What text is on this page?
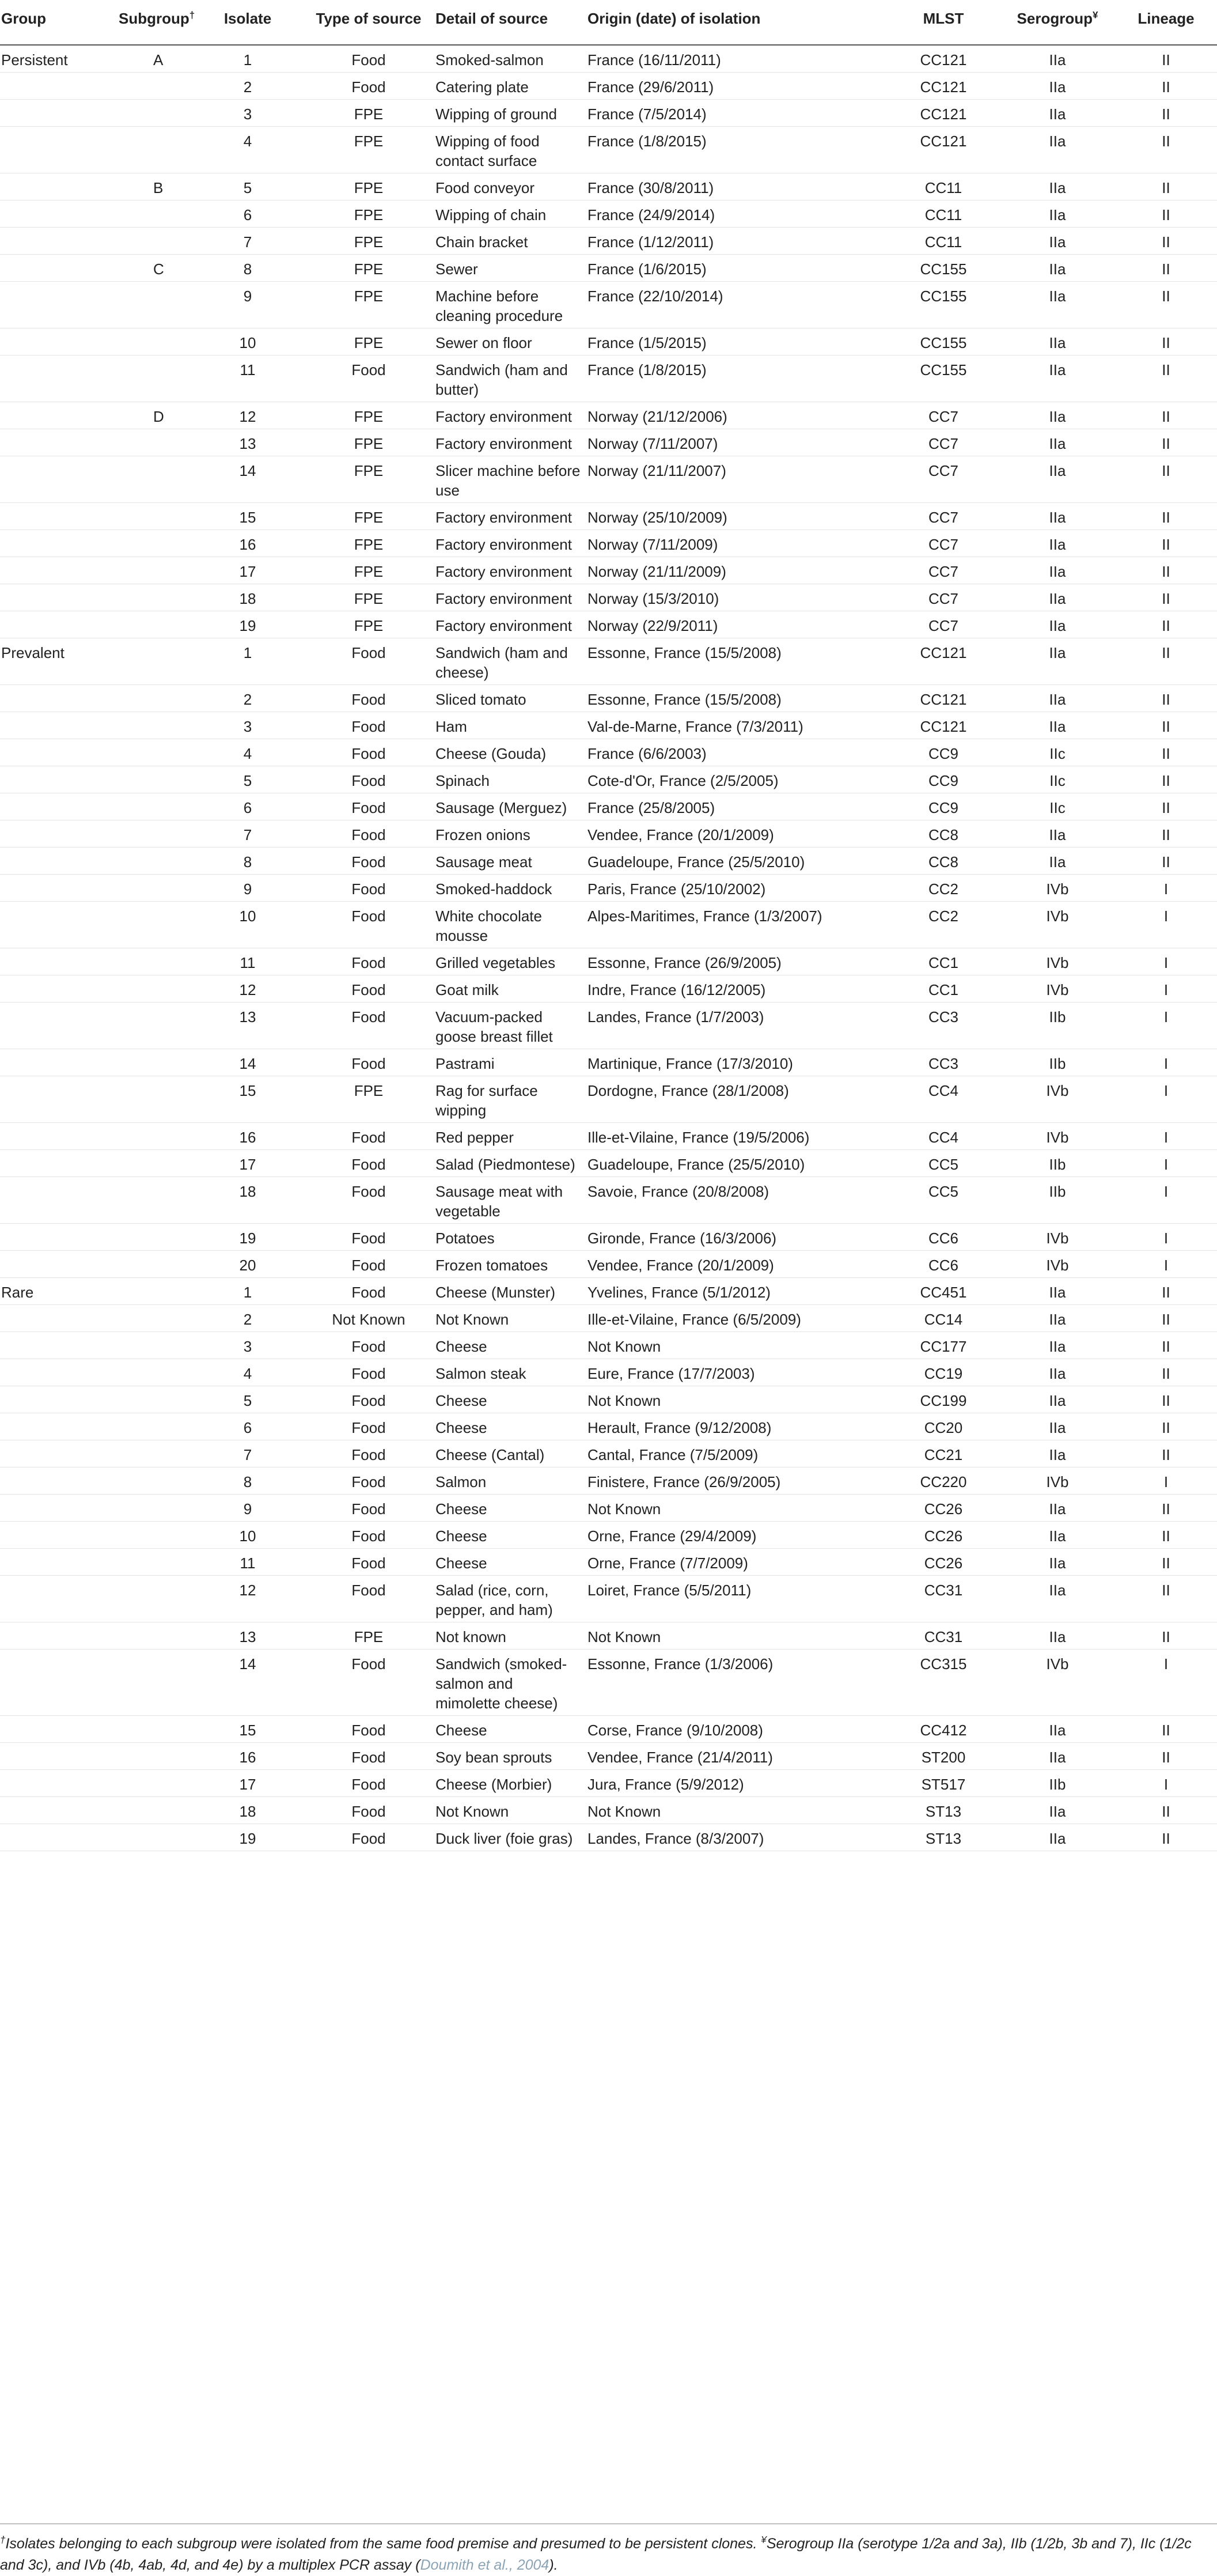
Group	Subgroup†	Isolate	Type of source	Detail of source	Origin (date) of isolation	MLST	Serogroup¥	Lineage
Persistent	A	1	Food	Smoked-salmon	France (16/11/2011)	CC121	IIa	II
		2	Food	Catering plate	France (29/6/2011)	CC121	IIa	II
		3	FPE	Wipping of ground	France (7/5/2014)	CC121	IIa	II
		4	FPE	Wipping of food contact surface	France (1/8/2015)	CC121	IIa	II
	B	5	FPE	Food conveyor	France (30/8/2011)	CC11	IIa	II
		6	FPE	Wipping of chain	France (24/9/2014)	CC11	IIa	II
		7	FPE	Chain bracket	France (1/12/2011)	CC11	IIa	II
	C	8	FPE	Sewer	France (1/6/2015)	CC155	IIa	II
		9	FPE	Machine before cleaning procedure	France (22/10/2014)	CC155	IIa	II
		10	FPE	Sewer on floor	France (1/5/2015)	CC155	IIa	II
		11	Food	Sandwich (ham and butter)	France (1/8/2015)	CC155	IIa	II
	D	12	FPE	Factory environment	Norway (21/12/2006)	CC7	IIa	II
		13	FPE	Factory environment	Norway (7/11/2007)	CC7	IIa	II
		14	FPE	Slicer machine before use	Norway (21/11/2007)	CC7	IIa	II
		15	FPE	Factory environment	Norway (25/10/2009)	CC7	IIa	II
		16	FPE	Factory environment	Norway (7/11/2009)	CC7	IIa	II
		17	FPE	Factory environment	Norway (21/11/2009)	CC7	IIa	II
		18	FPE	Factory environment	Norway (15/3/2010)	CC7	IIa	II
		19	FPE	Factory environment	Norway (22/9/2011)	CC7	IIa	II
Prevalent		1	Food	Sandwich (ham and cheese)	Essonne, France (15/5/2008)	CC121	IIa	II
		2	Food	Sliced tomato	Essonne, France (15/5/2008)	CC121	IIa	II
		3	Food	Ham	Val-de-Marne, France (7/3/2011)	CC121	IIa	II
		4	Food	Cheese (Gouda)	France (6/6/2003)	CC9	IIc	II
		5	Food	Spinach	Cote-d'Or, France (2/5/2005)	CC9	IIc	II
		6	Food	Sausage (Merguez)	France (25/8/2005)	CC9	IIc	II
		7	Food	Frozen onions	Vendee, France (20/1/2009)	CC8	IIa	II
		8	Food	Sausage meat	Guadeloupe, France (25/5/2010)	CC8	IIa	II
		9	Food	Smoked-haddock	Paris, France (25/10/2002)	CC2	IVb	I
		10	Food	White chocolate mousse	Alpes-Maritimes, France (1/3/2007)	CC2	IVb	I
		11	Food	Grilled vegetables	Essonne, France (26/9/2005)	CC1	IVb	I
		12	Food	Goat milk	Indre, France (16/12/2005)	CC1	IVb	I
		13	Food	Vacuum-packed goose breast fillet	Landes, France (1/7/2003)	CC3	IIb	I
		14	Food	Pastrami	Martinique, France (17/3/2010)	CC3	IIb	I
		15	FPE	Rag for surface wipping	Dordogne, France (28/1/2008)	CC4	IVb	I
		16	Food	Red pepper	Ille-et-Vilaine, France (19/5/2006)	CC4	IVb	I
		17	Food	Salad (Piedmontese)	Guadeloupe, France (25/5/2010)	CC5	IIb	I
		18	Food	Sausage meat with vegetable	Savoie, France (20/8/2008)	CC5	IIb	I
		19	Food	Potatoes	Gironde, France (16/3/2006)	CC6	IVb	I
		20	Food	Frozen tomatoes	Vendee, France (20/1/2009)	CC6	IVb	I
Rare		1	Food	Cheese (Munster)	Yvelines, France (5/1/2012)	CC451	IIa	II
		2	Not Known	Not Known	Ille-et-Vilaine, France (6/5/2009)	CC14	IIa	II
		3	Food	Cheese	Not Known	CC177	IIa	II
		4	Food	Salmon steak	Eure, France (17/7/2003)	CC19	IIa	II
		5	Food	Cheese	Not Known	CC199	IIa	II
		6	Food	Cheese	Herault, France (9/12/2008)	CC20	IIa	II
		7	Food	Cheese (Cantal)	Cantal, France (7/5/2009)	CC21	IIa	II
		8	Food	Salmon	Finistere, France (26/9/2005)	CC220	IVb	I
		9	Food	Cheese	Not Known	CC26	IIa	II
		10	Food	Cheese	Orne, France (29/4/2009)	CC26	IIa	II
		11	Food	Cheese	Orne, France (7/7/2009)	CC26	IIa	II
		12	Food	Salad (rice, corn, pepper, and ham)	Loiret, France (5/5/2011)	CC31	IIa	II
		13	FPE	Not known	Not Known	CC31	IIa	II
		14	Food	Sandwich (smoked-salmon and mimolette cheese)	Essonne, France (1/3/2006)	CC315	IVb	I
		15	Food	Cheese	Corse, France (9/10/2008)	CC412	IIa	II
		16	Food	Soy bean sprouts	Vendee, France (21/4/2011)	ST200	IIa	II
		17	Food	Cheese (Morbier)	Jura, France (5/9/2012)	ST517	IIb	I
		18	Food	Not Known	Not Known	ST13	IIa	II
		19	Food	Duck liver (foie gras)	Landes, France (8/3/2007)	ST13	IIa	II
†Isolates belonging to each subgroup were isolated from the same food premise and presumed to be persistent clones. ¥Serogroup IIa (serotype 1/2a and 3a), IIb (1/2b, 3b and 7), IIc (1/2c and 3c), and IVb (4b, 4ab, 4d, and 4e) by a multiplex PCR assay (Doumith et al., 2004).
